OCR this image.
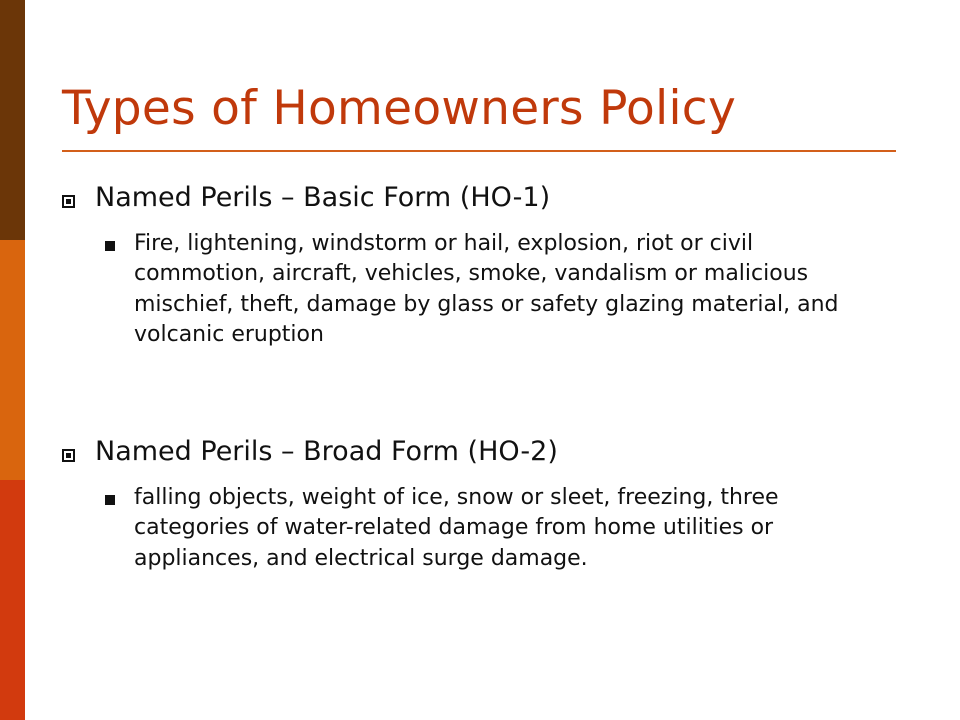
Types of Homeowners Policy
Named Perils – Basic Form (HO-1)
Fire, lightening, windstorm or hail, explosion, riot or civil commotion, aircraft, vehicles, smoke, vandalism or malicious mischief, theft, damage by glass or safety glazing material, and volcanic eruption
Named Perils – Broad Form (HO-2)
falling objects, weight of ice, snow or sleet, freezing, three categories of water-related damage from home utilities or appliances, and electrical surge damage.
